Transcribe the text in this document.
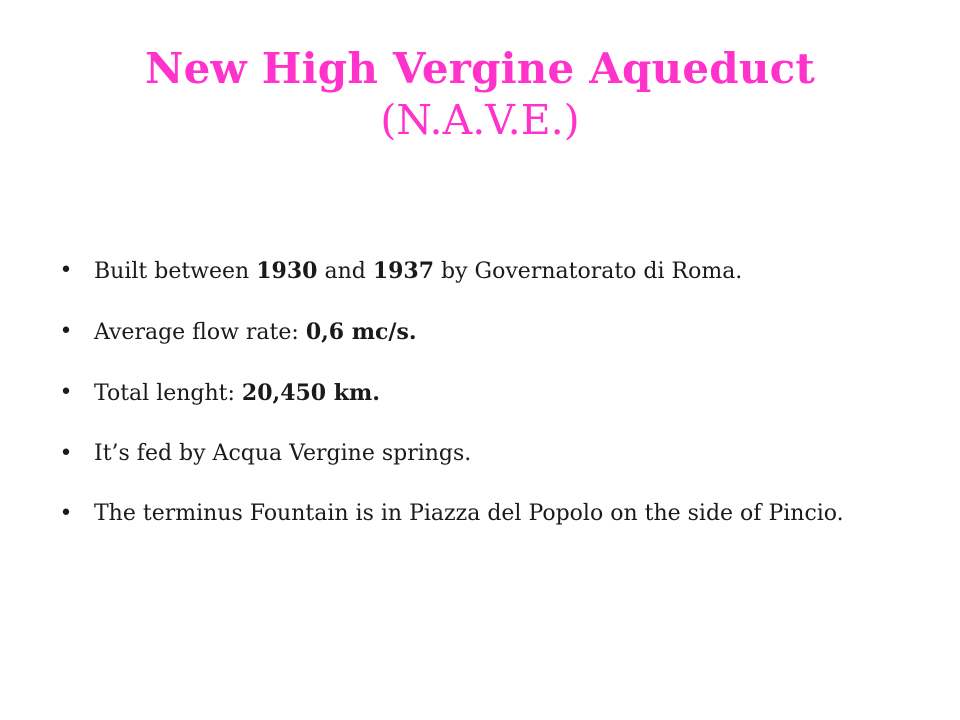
New High Vergine Aqueduct
(N.A.V.E.)
• Built between 1930 and 1937 by Governatorato di Roma.
• Average flow rate: 0,6 mc/s.
• Total lenght: 20,450 km.
• It’s fed by Acqua Vergine springs.
• The terminus Fountain is in Piazza del Popolo on the side of Pincio.
